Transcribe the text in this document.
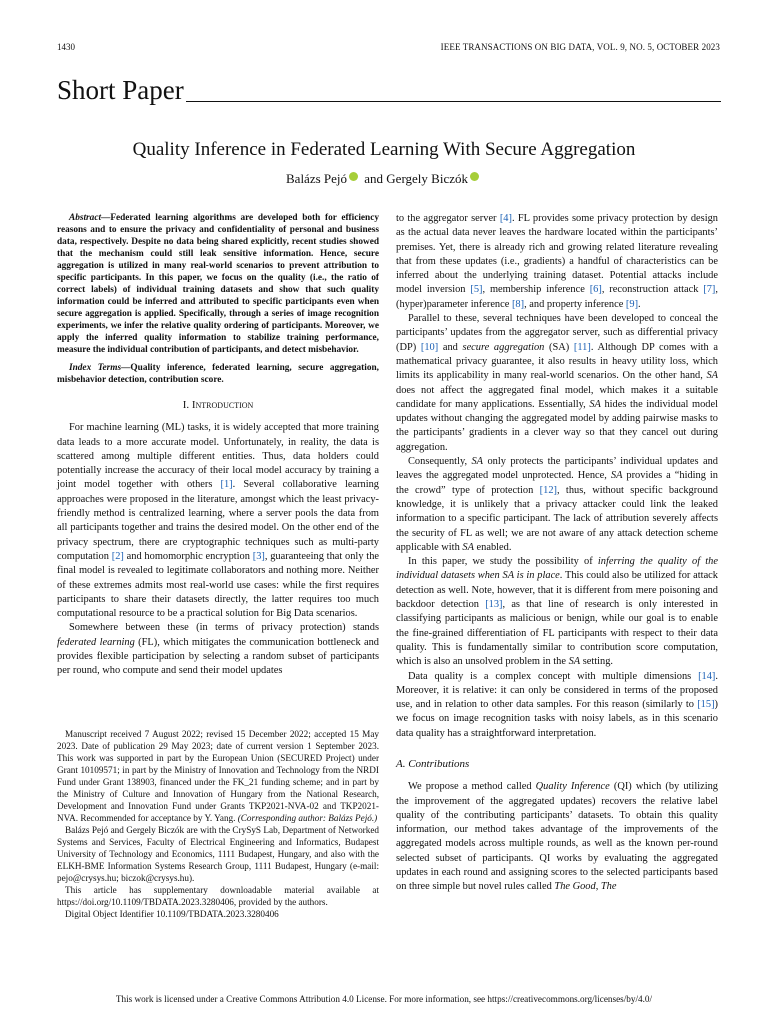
1430	IEEE TRANSACTIONS ON BIG DATA, VOL. 9, NO. 5, OCTOBER 2023
Short Paper
Quality Inference in Federated Learning With Secure Aggregation
Balázs Pejó and Gergely Biczók

Abstract—Federated learning algorithms are developed both for efficiency reasons and to ensure the privacy and confidentiality of personal and business data, respectively. Despite no data being shared explicitly, recent studies showed that the mechanism could still leak sensitive information. Hence, secure aggregation is utilized in many real-world scenarios to prevent attribution to specific participants. In this paper, we focus on the quality (i.e., the ratio of correct labels) of individual training datasets and show that such quality information could be inferred and attributed to specific participants even when secure aggregation is applied. Specifically, through a series of image recognition experiments, we infer the relative quality ordering of participants. Moreover, we apply the inferred quality information to stabilize training performance, measure the individual contribution of participants, and detect misbehavior.

Index Terms—Quality inference, federated learning, secure aggregation, misbehavior detection, contribution score.

I. Introduction

For machine learning (ML) tasks, it is widely accepted that more training data leads to a more accurate model. Unfortunately, in reality, the data is scattered among multiple different entities. Thus, data holders could potentially increase the accuracy of their local model accuracy by training a joint model together with others [1]. Several collaborative learning approaches were proposed in the literature, amongst which the least privacy-friendly method is centralized learning, where a server pools the data from all participants together and trains the desired model. On the other end of the privacy spectrum, there are cryptographic techniques such as multi-party computation [2] and homomorphic encryption [3], guaranteeing that only the final model is revealed to legitimate collaborators and nothing more. Neither of these extremes admits most real-world use cases: while the first requires participants to share their datasets directly, the latter requires too much computational resource to be a practical solution for Big Data scenarios.

Somewhere between these (in terms of privacy protection) stands federated learning (FL), which mitigates the communication bottleneck and provides flexible participation by selecting a random subset of participants per round, who compute and send their model updates

Manuscript received 7 August 2022; revised 15 December 2022; accepted 15 May 2023. Date of publication 29 May 2023; date of current version 1 September 2023. This work was supported in part by the European Union (SECURED Project) under Grant 10109571; in part by the Ministry of Innovation and Technology from the NRDI Fund under Grant 138903, financed under the FK_21 funding scheme; and in part by the Ministry of Culture and Innovation of Hungary from the National Research, Development and Innovation Fund under Grants TKP2021-NVA-02 and TKP2021-NVA. Recommended for acceptance by Y. Yang. (Corresponding author: Balázs Pejó.)

Balázs Pejó and Gergely Biczók are with the CrySyS Lab, Department of Networked Systems and Services, Faculty of Electrical Engineering and Informatics, Budapest University of Technology and Economics, 1111 Budapest, Hungary, and also with the ELKH-BME Information Systems Research Group, 1111 Budapest, Hungary (e-mail: pejo@crysys.hu; biczok@crysys.hu).

This article has supplementary downloadable material available at https://doi.org/10.1109/TBDATA.2023.3280406, provided by the authors.

Digital Object Identifier 10.1109/TBDATA.2023.3280406

to the aggregator server [4]. FL provides some privacy protection by design as the actual data never leaves the hardware located within the participants’ premises. Yet, there is already rich and growing related literature revealing that from these updates (i.e., gradients) a handful of characteristics can be inferred about the underlying training dataset. Potential attacks include model inversion [5], membership inference [6], reconstruction attack [7], (hyper)parameter inference [8], and property inference [9].

Parallel to these, several techniques have been developed to conceal the participants’ updates from the aggregator server, such as differential privacy (DP) [10] and secure aggregation (SA) [11]. Although DP comes with a mathematical privacy guarantee, it also results in heavy utility loss, which limits its applicability in many real-world scenarios. On the other hand, SA does not affect the aggregated final model, which makes it a suitable candidate for many applications. Essentially, SA hides the individual model updates without changing the aggregated model by adding pairwise masks to the participants’ gradients in a clever way so that they cancel out during aggregation.

Consequently, SA only protects the participants’ individual updates and leaves the aggregated model unprotected. Hence, SA provides a “hiding in the crowd” type of protection [12], thus, without specific background knowledge, it is unlikely that a privacy attacker could link the leaked information to a specific participant. The lack of attribution severely affects the security of FL as well; we are not aware of any attack detection scheme applicable with SA enabled.

In this paper, we study the possibility of inferring the quality of the individual datasets when SA is in place. This could also be utilized for attack detection as well. Note, however, that it is different from mere poisoning and backdoor detection [13], as that line of research is only interested in classifying participants as malicious or benign, while our goal is to enable the fine-grained differentiation of FL participants with respect to their data quality. This is fundamentally similar to contribution score computation, which is also an unsolved problem in the SA setting.

Data quality is a complex concept with multiple dimensions [14]. Moreover, it is relative: it can only be considered in terms of the proposed use, and in relation to other data samples. For this reason (similarly to [15]) we focus on image recognition tasks with noisy labels, as in this scenario data quality has a straightforward interpretation.

A. Contributions

We propose a method called Quality Inference (QI) which (by utilizing the improvement of the aggregated updates) recovers the relative label quality of the contributing participants’ datasets. To obtain this quality information, our method takes advantage of the improvements of the aggregated models across multiple rounds, as well as the known per-round selected subset of participants. QI works by evaluating the aggregated updates in each round and assigning scores to the selected participants based on three simple but novel rules called The Good, The

This work is licensed under a Creative Commons Attribution 4.0 License. For more information, see https://creativecommons.org/licenses/by/4.0/
